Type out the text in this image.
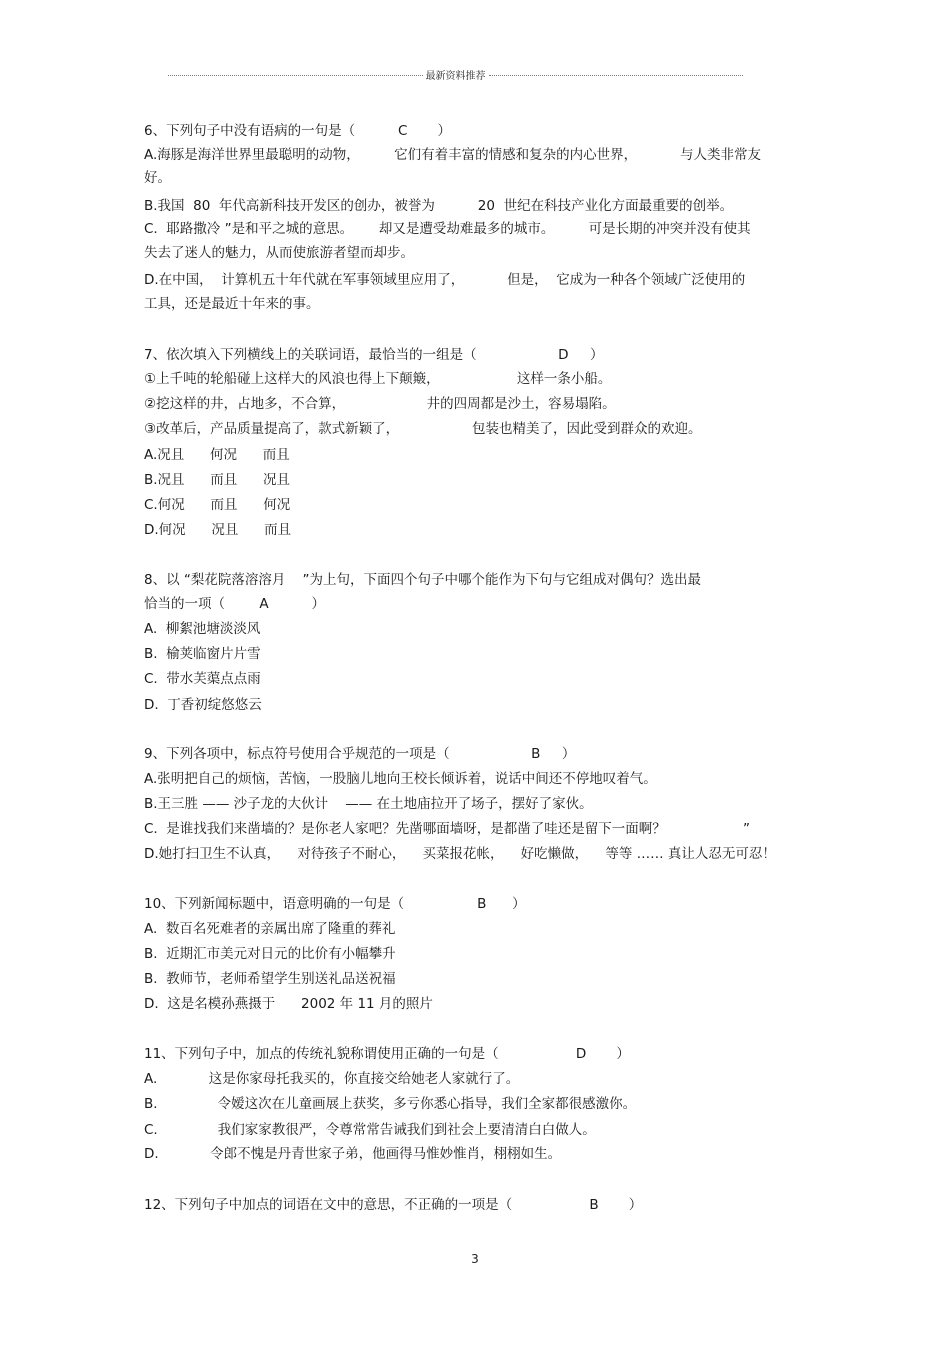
最新资料推荐
6、下列句子中没有语病的一句是（          C       ）
A.海豚是海洋世界里最聪明的动物，        它们有着丰富的情感和复杂的内心世界，          与人类非常友
好。
B.我国  80  年代高新科技开发区的创办，被誉为          20  世纪在科技产业化方面最重要的创举。
C.  耶路撒冷 ”是和平之城的意思。      却又是遭受劫难最多的城市。        可是长期的冲突并没有使其
失去了迷人的魅力，从而使旅游者望而却步。
D.在中国，  计算机五十年代就在军事领域里应用了，          但是，  它成为一种各个领域广泛使用的
工具，还是最近十年来的事。
7、依次填入下列横线上的关联词语，最恰当的一组是（                   D     ）
①上千吨的轮船碰上这样大的风浪也得上下颠簸，                  这样一条小船。
②挖这样的井，占地多，不合算，                   井的四周都是沙土，容易塌陷。
③改革后，产品质量提高了，款式新颖了，                 包装也精美了，因此受到群众的欢迎。
A.况且      何况      而且
B.况且      而且      况且
C.何况      而且      何况
D.何况      况且      而且
8、以 “梨花院落溶溶月    ”为上句，下面四个句子中哪个能作为下句与它组成对偶句？选出最
恰当的一项（        A          ）
A.  柳絮池塘淡淡风
B.  榆荚临窗片片雪
C.  带水芙蕖点点雨
D.  丁香初绽悠悠云
9、下列各项中，标点符号使用合乎规范的一项是（                   B     ）
A.张明把自己的烦恼，苦恼，一股脑儿地向王校长倾诉着，说话中间还不停地叹着气。
B.王三胜 —— 沙子龙的大伙计    —— 在土地庙拉开了场子，摆好了家伙。
C.  是谁找我们来凿墙的？是你老人家吧？先凿哪面墙呀，是都凿了哇还是留下一面啊？                  ”
D.她打扫卫生不认真，    对待孩子不耐心，    买菜报花帐，    好吃懒做，    等等 …… 真让人忍无可忍！
10、下列新闻标题中，语意明确的一句是（                 B      ）
A.  数百名死难者的亲属出席了隆重的葬礼
B.  近期汇市美元对日元的比价有小幅攀升
B.  教师节，老师希望学生别送礼品送祝福
D.  这是名模孙燕摄于      2002 年 11 月的照片
11、下列句子中，加点的传统礼貌称谓使用正确的一句是（                  D       ）
A.            这是你家母托我买的，你直接交给她老人家就行了。
B.              令嫒这次在儿童画展上获奖，多亏你悉心指导，我们全家都很感激你。
C.              我们家家教很严，令尊常常告诫我们到社会上要清清白白做人。
D.            令郎不愧是丹青世家子弟，他画得马惟妙惟肖，栩栩如生。
12、下列句子中加点的词语在文中的意思，不正确的一项是（                  B       ）
3
